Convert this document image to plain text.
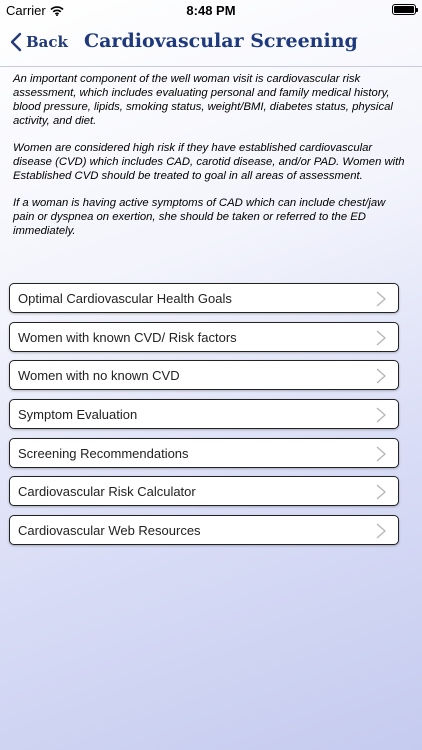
Carrier	8:48 PM
Back Cardiovascular Screening

An important component of the well woman visit is cardiovascular risk assessment, which includes evaluating personal and family medical history, blood pressure, lipids, smoking status, weight/BMI, diabetes status, physical activity, and diet.

Women are considered high risk if they have established cardiovascular disease (CVD) which includes CAD, carotid disease, and/or PAD. Women with Established CVD should be treated to goal in all areas of assessment.

If a woman is having active symptoms of CAD which can include chest/jaw pain or dyspnea on exertion, she should be taken or referred to the ED immediately.

Optimal Cardiovascular Health Goals
Women with known CVD/ Risk factors
Women with no known CVD
Symptom Evaluation
Screening Recommendations
Cardiovascular Risk Calculator
Cardiovascular Web Resources
